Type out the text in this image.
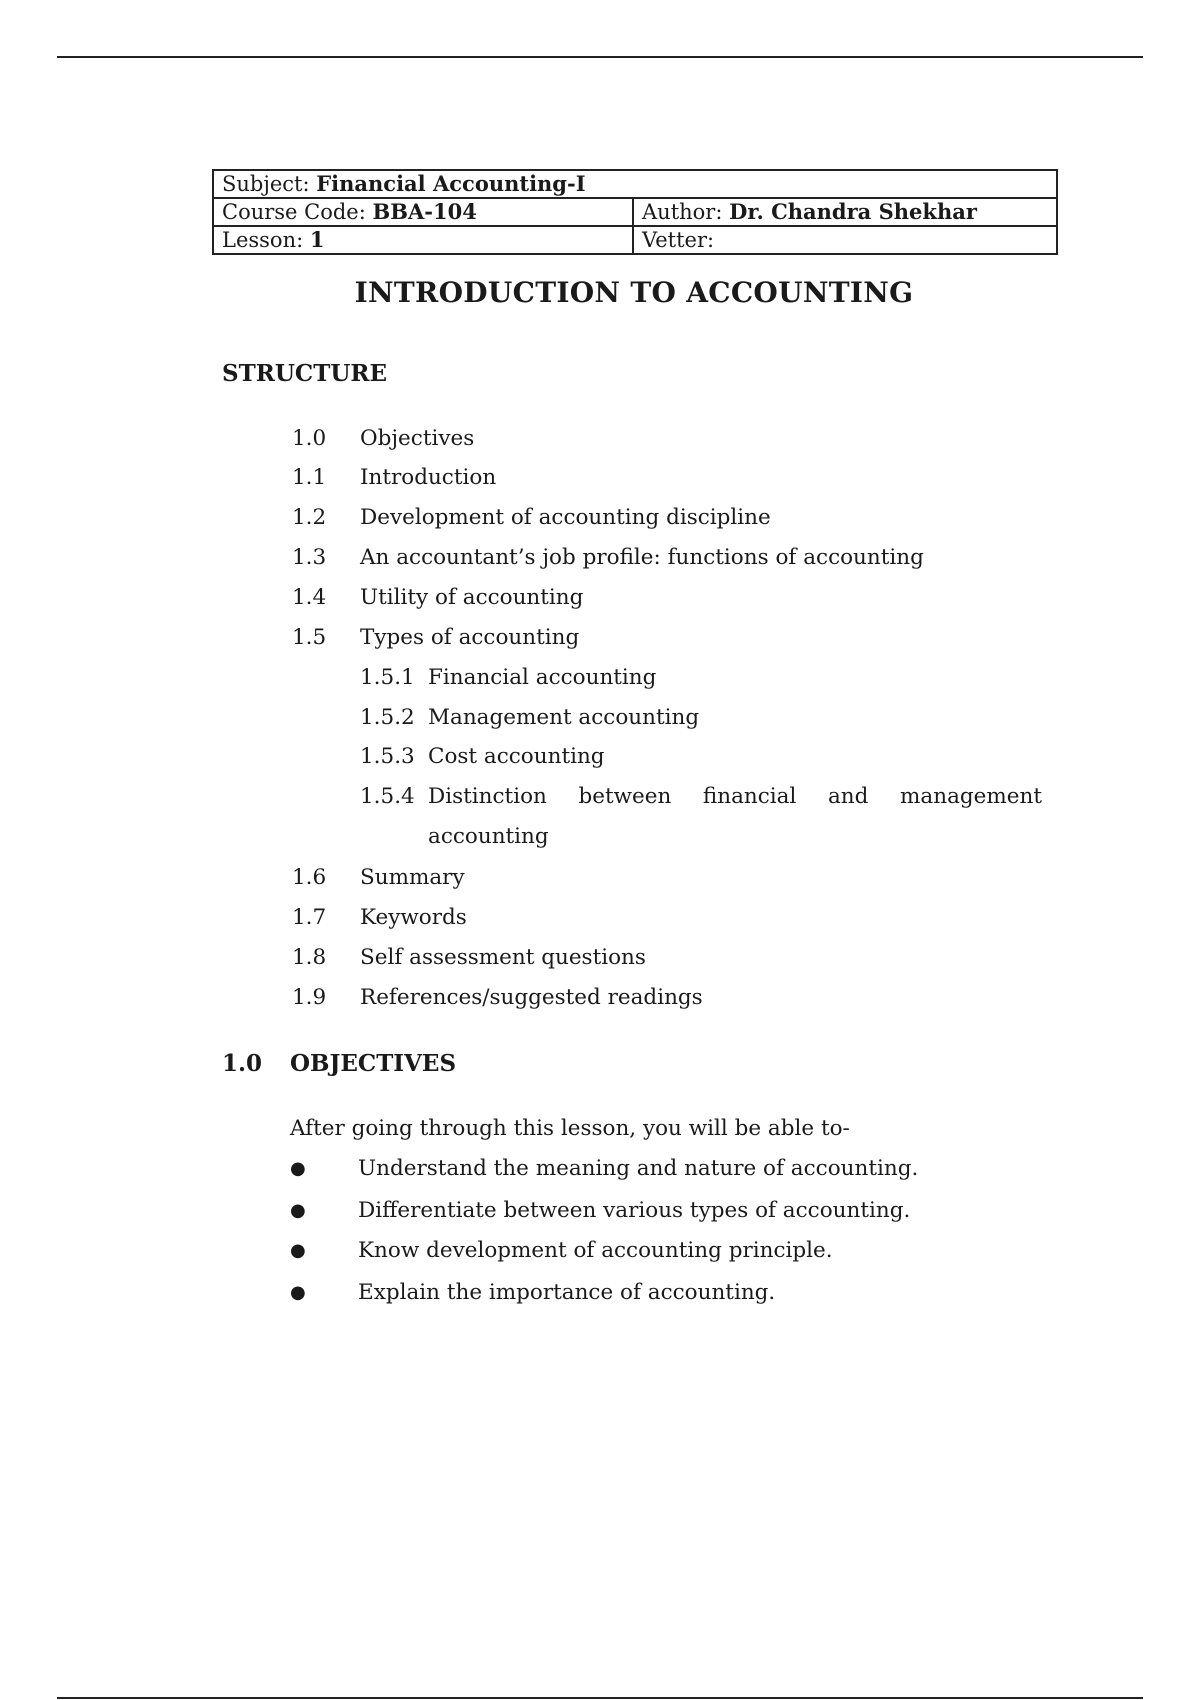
Subject: Financial Accounting-I	
Course Code: BBA-104	Author: Dr. Chandra Shekhar
Lesson: 1	Vetter:
INTRODUCTION TO ACCOUNTING
STRUCTURE
1.0 Objectives
1.1 Introduction
1.2 Development of accounting discipline
1.3 An accountant’s job profile: functions of accounting
1.4 Utility of accounting
1.5 Types of accounting
1.5.1 Financial accounting
1.5.2 Management accounting
1.5.3 Cost accounting
1.5.4 Distinction between financial and management
accounting
1.6 Summary
1.7 Keywords
1.8 Self assessment questions
1.9 References/suggested readings
1.0 OBJECTIVES
After going through this lesson, you will be able to-
● Understand the meaning and nature of accounting.
● Differentiate between various types of accounting.
● Know development of accounting principle.
● Explain the importance of accounting.
